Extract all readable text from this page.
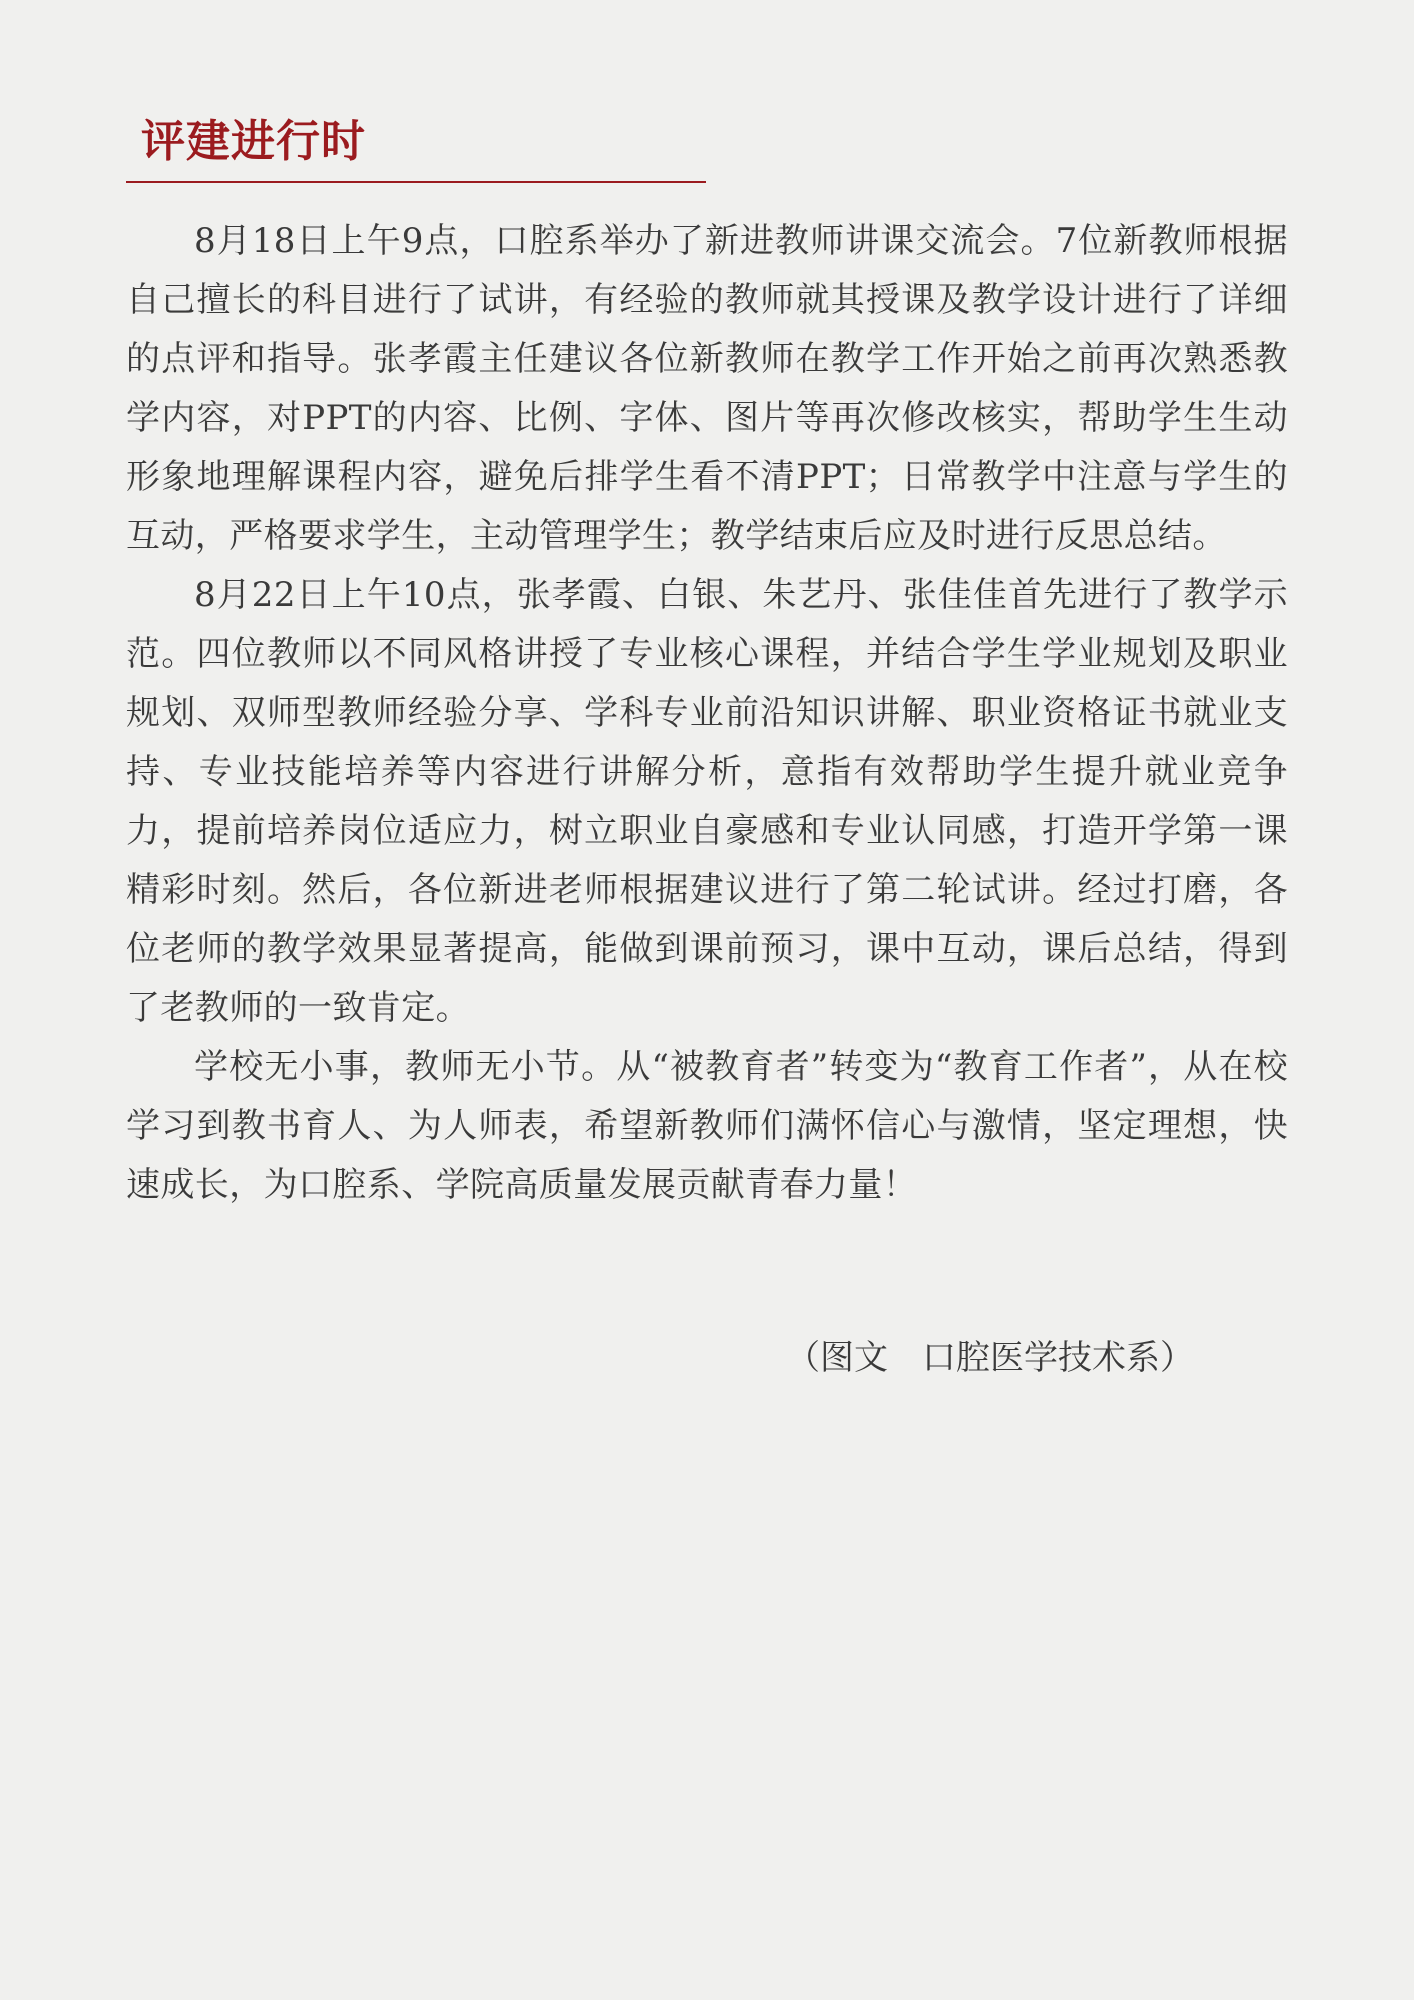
评建进行时

8月18日上午9点，口腔系举办了新进教师讲课交流会。7位新教师根据自己擅长的科目进行了试讲，有经验的教师就其授课及教学设计进行了详细的点评和指导。张孝霞主任建议各位新教师在教学工作开始之前再次熟悉教学内容，对PPT的内容、比例、字体、图片等再次修改核实，帮助学生生动形象地理解课程内容，避免后排学生看不清PPT；日常教学中注意与学生的互动，严格要求学生，主动管理学生；教学结束后应及时进行反思总结。

8月22日上午10点，张孝霞、白银、朱艺丹、张佳佳首先进行了教学示范。四位教师以不同风格讲授了专业核心课程，并结合学生学业规划及职业规划、双师型教师经验分享、学科专业前沿知识讲解、职业资格证书就业支持、专业技能培养等内容进行讲解分析，意指有效帮助学生提升就业竞争力，提前培养岗位适应力，树立职业自豪感和专业认同感，打造开学第一课精彩时刻。然后，各位新进老师根据建议进行了第二轮试讲。经过打磨，各位老师的教学效果显著提高，能做到课前预习，课中互动，课后总结，得到了老教师的一致肯定。

学校无小事，教师无小节。从“被教育者”转变为“教育工作者”，从在校学习到教书育人、为人师表，希望新教师们满怀信心与激情，坚定理想，快速成长，为口腔系、学院高质量发展贡献青春力量！

（图文　口腔医学技术系）
